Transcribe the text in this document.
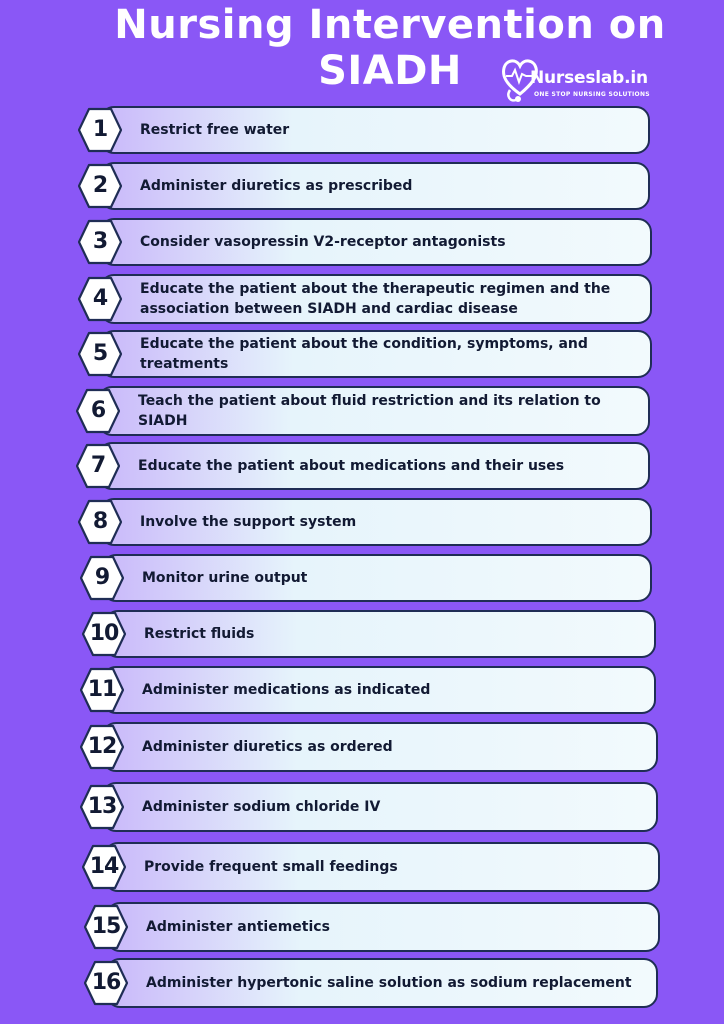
Nursing Intervention on
SIADH	Nurseslab.in
ONE STOP NURSING SOLUTIONS
1	Restrict free water
2	Administer diuretics as prescribed
3	Consider vasopressin V2-receptor antagonists
4	Educate the patient about the therapeutic regimen and the association between SIADH and cardiac disease
5	Educate the patient about the condition, symptoms, and treatments
6	Teach the patient about fluid restriction and its relation to SIADH
7	Educate the patient about medications and their uses
8	Involve the support system
9	Monitor urine output
10	Restrict fluids
11	Administer medications as indicated
12	Administer diuretics as ordered
13	Administer sodium chloride IV
14	Provide frequent small feedings
15	Administer antiemetics
16	Administer hypertonic saline solution as sodium replacement
